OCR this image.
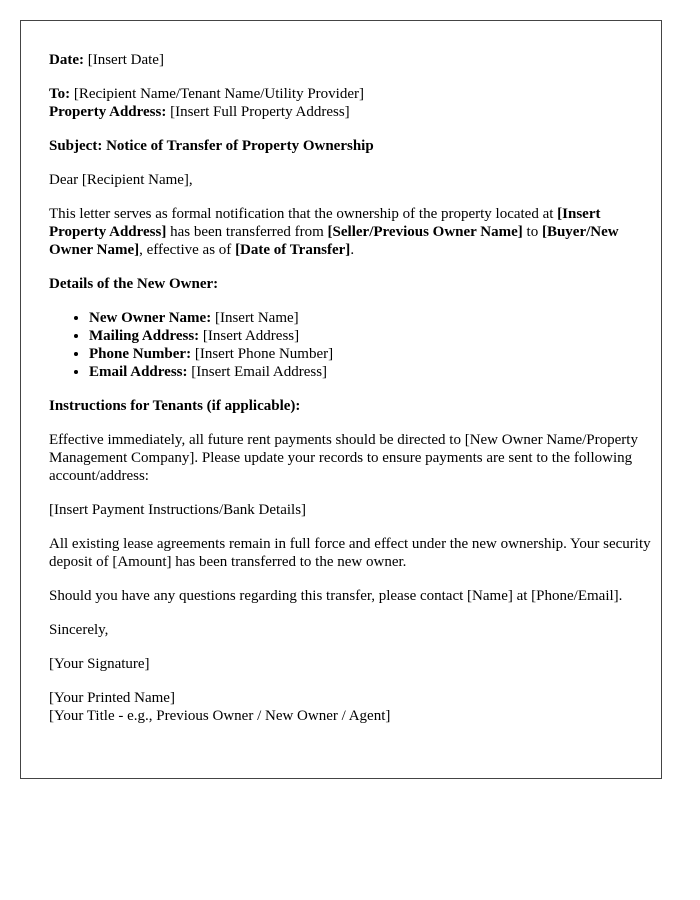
Date: [Insert Date]

To: [Recipient Name/Tenant Name/Utility Provider]

Property Address: [Insert Full Property Address]

Subject: Notice of Transfer of Property Ownership

Dear [Recipient Name],

This letter serves as formal notification that the ownership of the property located at [Insert Property Address] has been transferred from [Seller/Previous Owner Name] to [Buyer/New Owner Name], effective as of [Date of Transfer].

Details of the New Owner:

• New Owner Name: [Insert Name]
• Mailing Address: [Insert Address]
• Phone Number: [Insert Phone Number]
• Email Address: [Insert Email Address]

Instructions for Tenants (if applicable):

Effective immediately, all future rent payments should be directed to [New Owner Name/Property Management Company]. Please update your records to ensure payments are sent to the following account/address:

[Insert Payment Instructions/Bank Details]

All existing lease agreements remain in full force and effect under the new ownership. Your security deposit of [Amount] has been transferred to the new owner.

Should you have any questions regarding this transfer, please contact [Name] at [Phone/Email].

Sincerely,

[Your Signature]

[Your Printed Name]

[Your Title - e.g., Previous Owner / New Owner / Agent]
